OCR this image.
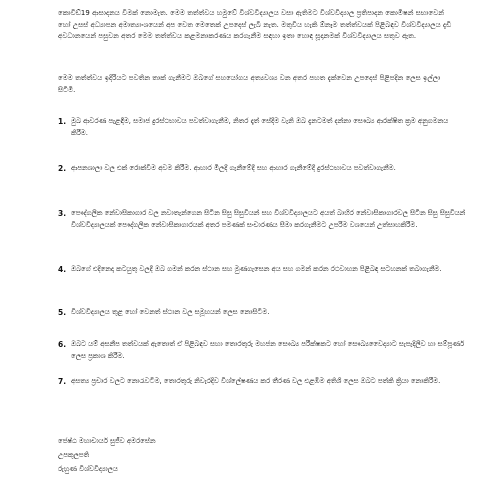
කොවිඩ්19 ආසාදනය වීමක් නොමැත. මෙම තත්ත්වය හමුවේ විශ්වවිද්‍යාලය වසා ඇතිමට විශ්වවිද්‍යාල ප්‍රතිපාදන කොමිෂන් සභාවෙන් හෝ උසස් අධ්‍යාපන අමාත්‍යාංශයෙන් අප වෙත මෙතෙක් උපදෙස් ලැබී නැත. මතුවිය හැකි ඕනෑම තත්ත්වයක් පිළිබඳව විශ්වවිද්‍යාලය දැඩි අවධානයෙන් පසුවන අතර මෙම තත්ත්වය කළමනාකරණය කරගැනීම සඳහා ඉතා හොඳ සූදානමක් විශ්වවිද්‍යාලය සතුව ඇත.
මෙම තත්ත්වය ඉදිරියට පවතින තාක් ගැනීමට ඔබගේ සහයෝගය අත්‍යවශ්‍ය වන අතර පහත දැක්වෙන උපදෙස් පිළිපදින ලෙස ඉල්ලා සිටිමි.
1. මුඛ ආවරණ පැළඳීම, සමාජ දුරස්ථභාවය පවත්වාගැනීම, නිතර දෑත් සේදීම වැනි ඔබ දැනටමත් දන්නා සෞඛ්‍ය ආරක්ෂිත ක්‍රම අනුගමනය කිරීම.
2. ආපනශාලා වල එක් රොක්වීම අවම කිරීම. ආහාර මිලදී ගැනීමේදී සහ ආහාර ගැනීමේදී දුරස්ථභාවය පවත්වාගැනීම.
3. පෞද්ගලික නේවාසිකාගාර වල නවාතැන්ගෙන සිටින සිසු සිසුවියන් සහ විශ්වවිද්‍යාලයට අයත් බාහිර නේවාසිකාගාරවල සිටින සිසු සිසුවියන් විශ්වවිද්‍යාලයක් පෞද්ගලික නේවාසිකාගාරයක් අතර පමණක් සංචාරණය සීමා කරගැනීමට උපරිම වශයෙන් උත්සාහකිරීම.
4. ඔබගේ එදිනෙදා කටයුතු වලදී ඔබ ගමන් කරන ස්ථාන සහ මුණගැසෙන අය සහ ගමන් කරන රථවාහන පිළිබඳ සටහනක් තබාගැනීම.
5. විශ්වවිද්‍යාලය තුළ හෝ වෙනත් ස්ථාන වල සමූහයන් ලෙස නොසිටීම.
6. ඔබට යම් අසනීප තත්වයක් ඇතොත් ඒ පිළිබඳව සහා තොරතුරු මහජන සෞඛ්‍ය පරීක්ෂකට හෝ සෞඛ්‍යවෛද්‍යාට සැපැදිලිව හා සම්පූර්ණ ලෙස ප්‍රකාශ කිරීම.
7. අසත්‍ය ප්‍රචාර වලට නොරැවටීම, තොරතුරු නිවැරදිව විශ්ලේෂණය කර තීරණ වල එළඹීම අතිශි ලෙස ඔබට පත්කි ක්‍රියා නොකිරීම.
ජෙෂ්ඨ මහාචාර්ය සුජීව අමරසේන
උපකුලපති
රුහුණ විශ්වවිද්‍යාලය
